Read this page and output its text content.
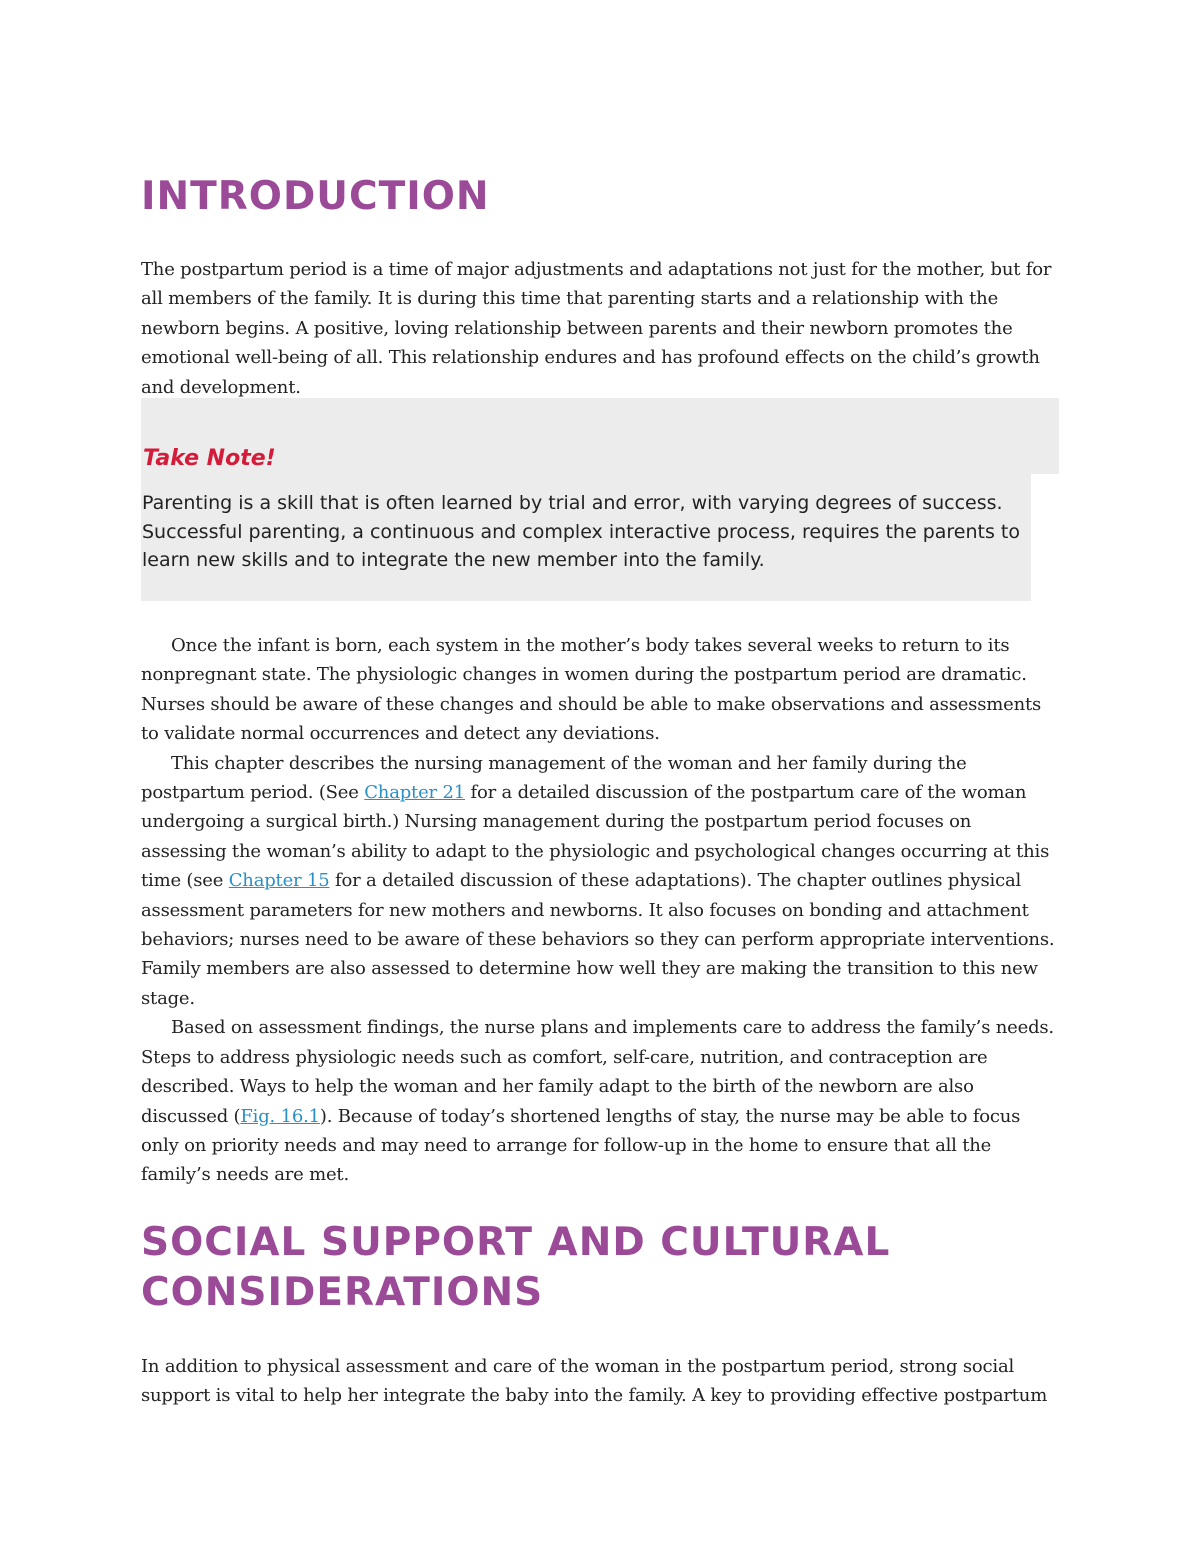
INTRODUCTION

The postpartum period is a time of major adjustments and adaptations not just for the mother, but for all members of the family. It is during this time that parenting starts and a relationship with the newborn begins. A positive, loving relationship between parents and their newborn promotes the emotional well-being of all. This relationship endures and has profound effects on the child’s growth and development.

Take Note!

Parenting is a skill that is often learned by trial and error, with varying degrees of success. Successful parenting, a continuous and complex interactive process, requires the parents to learn new skills and to integrate the new member into the family.

Once the infant is born, each system in the mother’s body takes several weeks to return to its nonpregnant state. The physiologic changes in women during the postpartum period are dramatic. Nurses should be aware of these changes and should be able to make observations and assessments to validate normal occurrences and detect any deviations.

This chapter describes the nursing management of the woman and her family during the postpartum period. (See Chapter 21 for a detailed discussion of the postpartum care of the woman undergoing a surgical birth.) Nursing management during the postpartum period focuses on assessing the woman’s ability to adapt to the physiologic and psychological changes occurring at this time (see Chapter 15 for a detailed discussion of these adaptations). The chapter outlines physical assessment parameters for new mothers and newborns. It also focuses on bonding and attachment behaviors; nurses need to be aware of these behaviors so they can perform appropriate interventions. Family members are also assessed to determine how well they are making the transition to this new stage.

Based on assessment findings, the nurse plans and implements care to address the family’s needs. Steps to address physiologic needs such as comfort, self-care, nutrition, and contraception are described. Ways to help the woman and her family adapt to the birth of the newborn are also discussed (Fig. 16.1). Because of today’s shortened lengths of stay, the nurse may be able to focus only on priority needs and may need to arrange for follow-up in the home to ensure that all the family’s needs are met.

SOCIAL SUPPORT AND CULTURAL CONSIDERATIONS

In addition to physical assessment and care of the woman in the postpartum period, strong social support is vital to help her integrate the baby into the family. A key to providing effective postpartum
